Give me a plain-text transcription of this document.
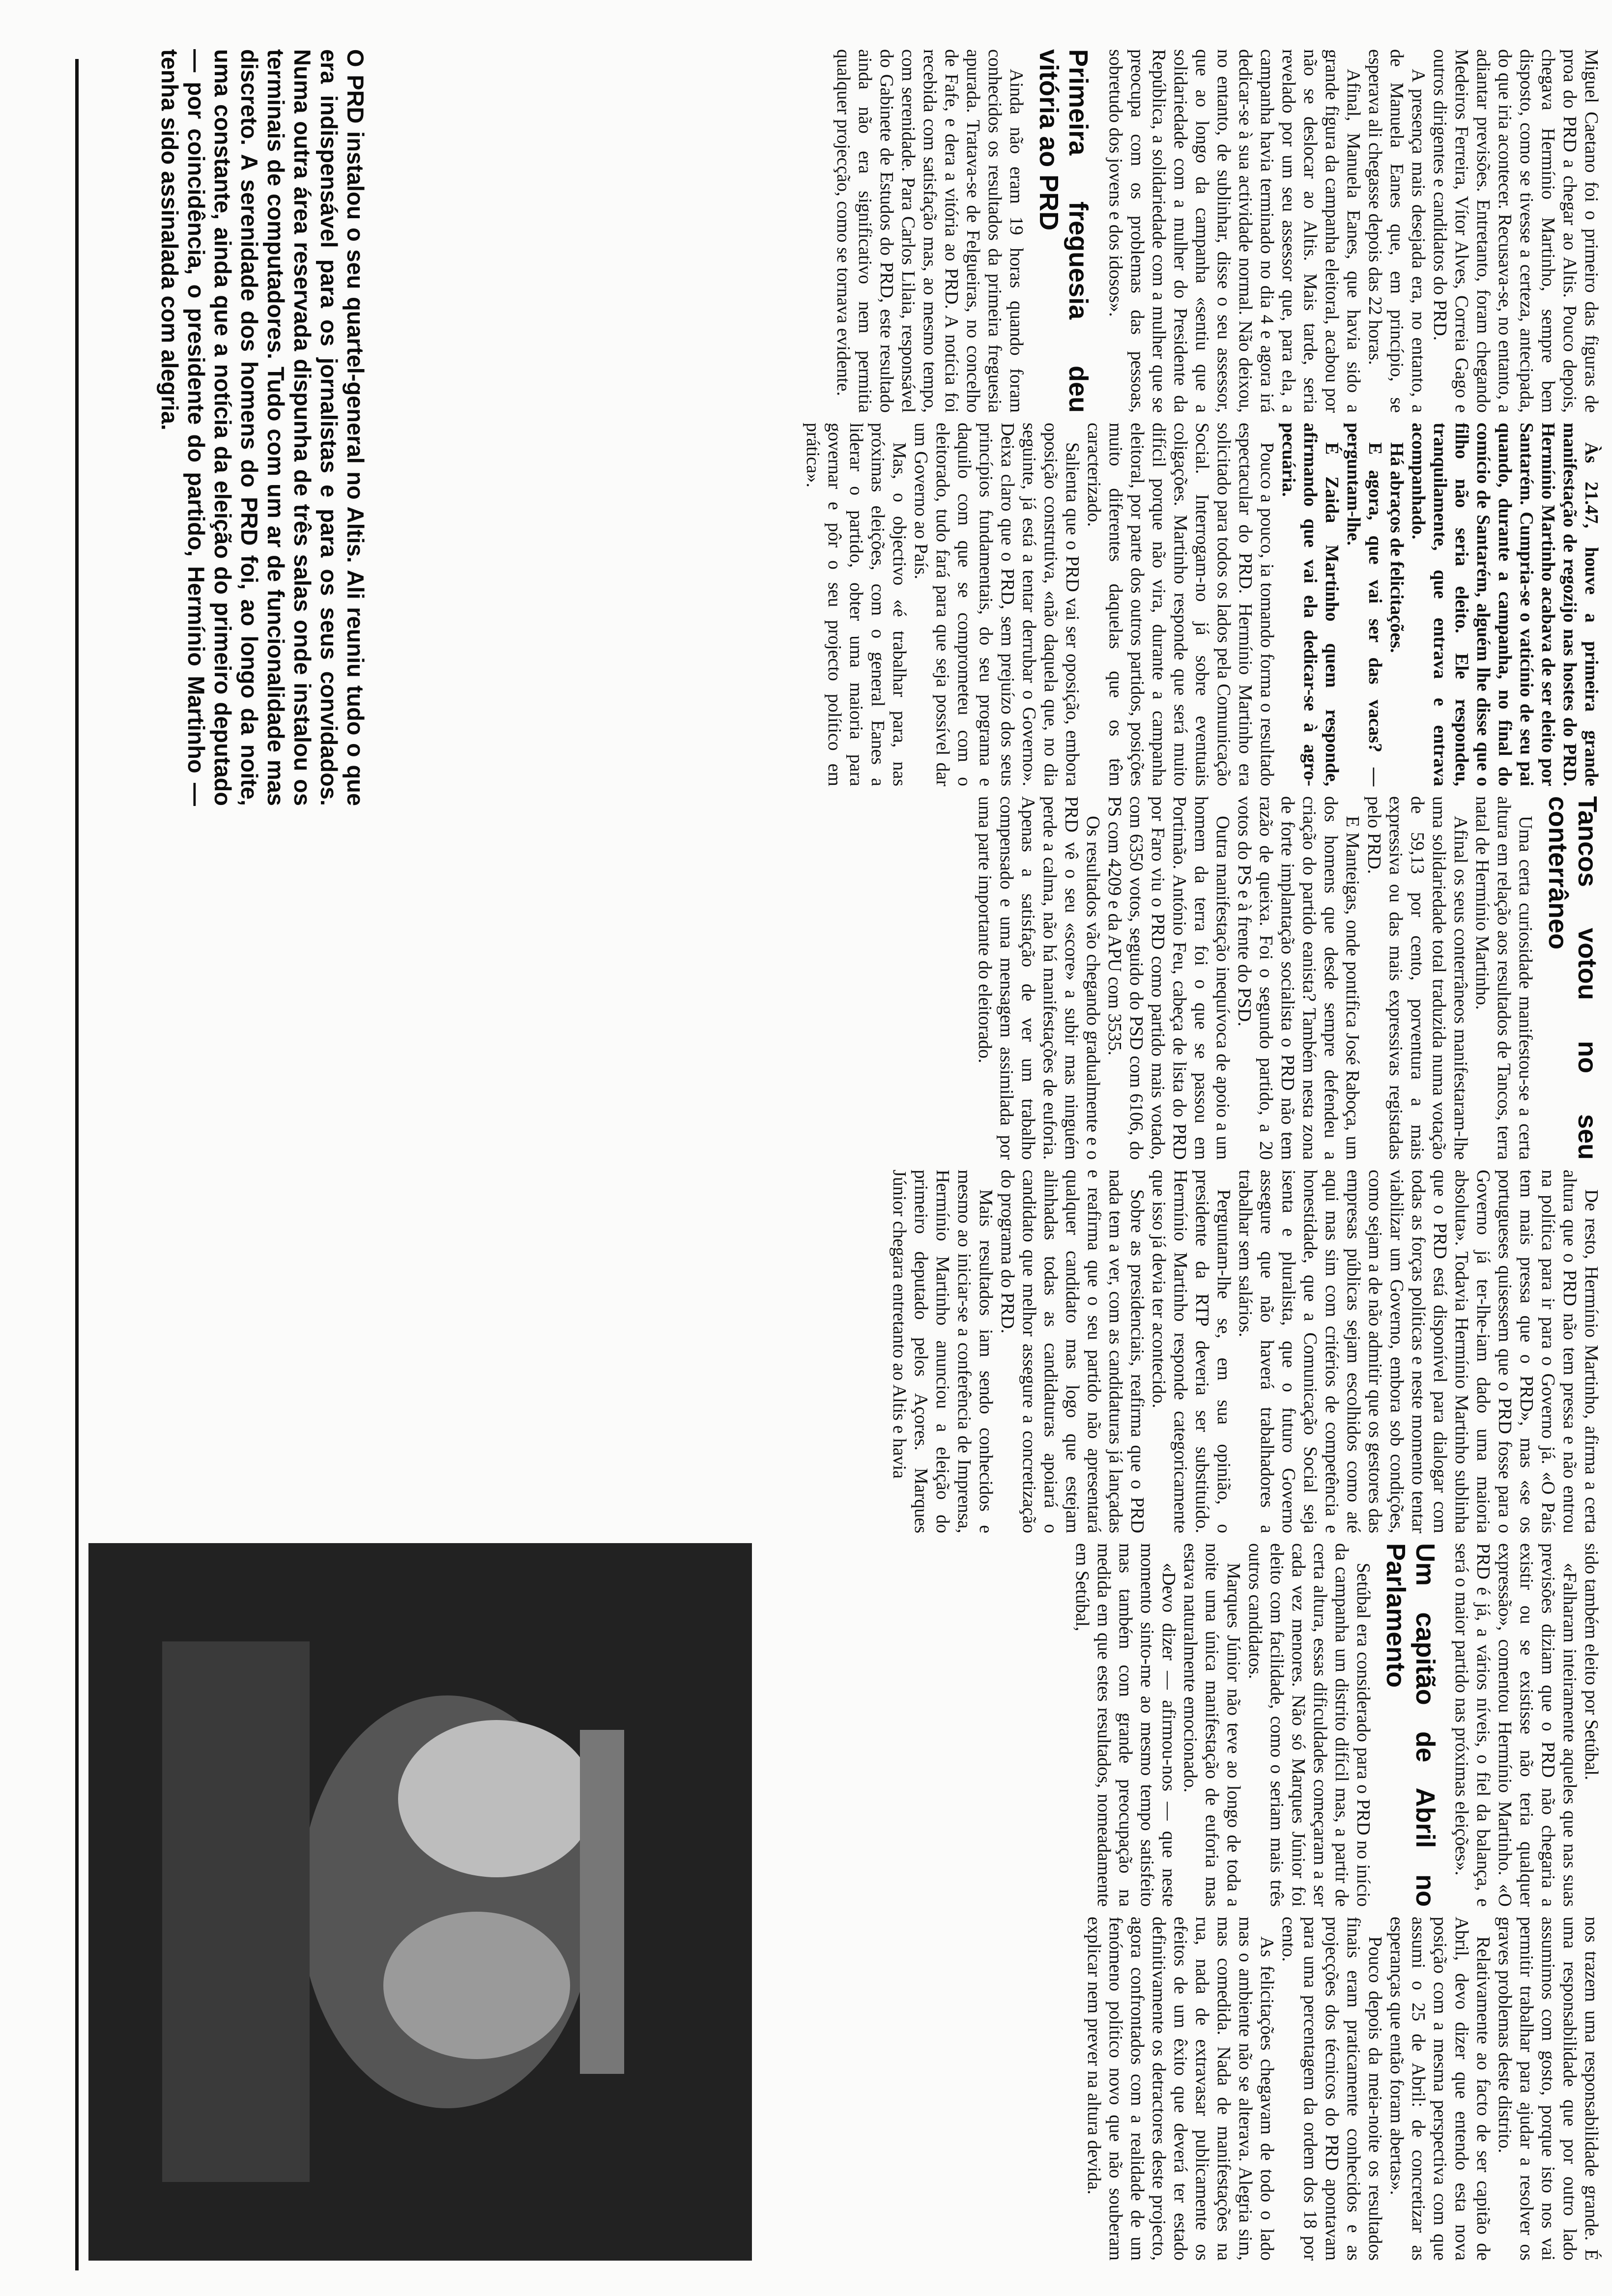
O PRD instalou o seu quartel-general no Altis. Ali reuniu tudo o que era indispensável para os jornalistas e para os seus convidados. Numa outra área reservada dispunha de três salas onde instalou os terminais de computadores. Tudo com um ar de funcionalidade mas discreto. A serenidade dos homens do PRD foi, ao longo da noite, uma constante, ainda que a notícia da eleição do primeiro deputado — por coincidência, o presidente do partido, Hermínio Martinho — tenha sido assinalada com alegria.	Miguel Caetano foi o primeiro das figuras de proa do PRD a chegar ao Altis. Pouco depois, chegava Hermínio Martinho, sempre bem disposto, como se tivesse a certeza, antecipada, do que iria acontecer. Recusava-se, no entanto, a adiantar previsões. Entretanto, foram chegando Medeiros Ferreira, Vítor Alves, Correia Gago e outros dirigentes e candidatos do PRD.

A presença mais desejada era, no entanto, a de Manuela Eanes que, em princípio, se esperava ali chegasse depois das 22 horas.

Afinal, Manuela Eanes, que havia sido a grande figura da campanha eleitoral, acabou por não se deslocar ao Altis. Mais tarde, seria revelado por um seu assessor que, para ela, a campanha havia terminado no dia 4 e agora irá dedicar-se à sua actividade normal. Não deixou, no entanto, de sublinhar, disse o seu assessor, que ao longo da campanha «sentiu que a solidariedade com a mulher do Presidente da República, a solidariedade com a mulher que se preocupa com os problemas das pessoas, sobretudo dos jovens e dos idosos».

Primeira freguesia deu vitória ao PRD

Ainda não eram 19 horas quando foram conhecidos os resultados da primeira freguesia apurada. Tratava-se de Felgueiras, no concelho de Fafe, e dera a vitória ao PRD. A notícia foi recebida com satisfação mas, ao mesmo tempo, com serenidade. Para Carlos Lilaia, responsável do Gabinete de Estudos do PRD, este resultado ainda não era significativo nem permitia qualquer projecção, como se tornava evidente.

Às 21.47, houve a primeira grande manifestação de regozijo nas hostes do PRD. Hermínio Martinho acabava de ser eleito por Santarém. Cumpria-se o vaticínio de seu pai quando, durante a campanha, no final do comício de Santarém, alguém lhe disse que o filho não seria eleito. Ele respondeu, tranquilamente, que entrava e entrava acompanhado.

Há abraços de felicitações.

E agora, que vai ser das vacas? — perguntam-lhe.

É Zaida Martinho quem responde, afirmando que vai ela dedicar-se à agro-pecuária.

Pouco a pouco, ia tomando forma o resultado espectacular do PRD. Hermínio Martinho era solicitado para todos os lados pela Comunicação Social. Interrogam-no já sobre eventuais coligações. Martinho responde que será muito difícil porque não vira, durante a campanha eleitoral, por parte dos outros partidos, posições muito diferentes daquelas que os têm caracterizado.

Salienta que o PRD vai ser oposição, embora oposição construtiva, «não daquela que, no dia seguinte, já está a tentar derrubar o Governo». Deixa claro que o PRD, sem prejuízo dos seus princípios fundamentais, do seu programa e daquilo com que se comprometeu com o eleitorado, tudo fará para que seja possível dar um Governo ao País.

Mas, o objectivo «é trabalhar para, nas próximas eleições, com o general Eanes a liderar o partido, obter uma maioria para governar e pôr o seu projecto político em prática».

Tancos votou no seu conterrâneo

Uma certa curiosidade manifestou-se a certa altura em relação aos resultados de Tancos, terra natal de Hermínio Martinho.

Afinal os seus conterrâneos manifestaram-lhe uma solidariedade total traduzida numa votação de 59,13 por cento, porventura a mais expressiva ou das mais expressivas registadas pelo PRD.

E Manteigas, onde pontifica José Raboça, um dos homens que desde sempre defendeu a criação do partido eanista? Também nesta zona de forte implantação socialista o PRD não tem razão de queixa. Foi o segundo partido, a 20 votos do PS e à frente do PSD.

Outra manifestação inequívoca de apoio a um homem da terra foi o que se passou em Portimão. António Feu, cabeça de lista do PRD por Faro viu o PRD como partido mais votado, com 6350 votos, seguido do PSD com 6106, do PS com 4209 e da APU com 3535.

Os resultados vão chegando gradualmente e o PRD vê o seu «score» a subir mas ninguém perde a calma, não há manifestações de euforia. Apenas a satisfação de ver um trabalho compensado e uma mensagem assimilada por uma parte importante do eleitorado.

De resto, Hermínio Martinho, afirma a certa altura que o PRD não tem pressa e não entrou na política para ir para o Governo já. «O País tem mais pressa que o PRD», mas «se os portugueses quisessem que o PRD fosse para o Governo já ter-lhe-iam dado uma maioria absoluta». Todavia Hermínio Martinho sublinha que o PRD está disponível para dialogar com todas as forças políticas e neste momento tentar viabilizar um Governo, embora sob condições, como sejam a de não admitir que os gestores das empresas públicas sejam escolhidos como até aqui mas sim com critérios de competência e honestidade, que a Comunicação Social seja isenta e pluralista, que o futuro Governo assegure que não haverá trabalhadores a trabalhar sem salários.

Perguntam-lhe se, em sua opinião, o presidente da RTP deveria ser substituído. Hermínio Martinho responde categoricamente que isso já devia ter acontecido.

Sobre as presidenciais, reafirma que o PRD nada tem a ver, com as candidaturas já lançadas e reafirma que o seu partido não apresentará qualquer candidato mas logo que estejam alinhadas todas as candidaturas apoiará o candidato que melhor assegure a concretização do programa do PRD.

Mais resultados iam sendo conhecidos e mesmo ao iniciar-se a conferência de Imprensa, Hermínio Martinho anunciou a eleição do primeiro deputado pelos Açores. Marques Júnior chegara entretanto ao Altis e havia

sido também eleito por Setúbal.

«Falharam inteiramente aqueles que nas suas previsões diziam que o PRD não chegaria a existir ou se existisse não teria qualquer expressão», comentou Hermínio Martinho. «O PRD é já, a vários níveis, o fiel da balança, e será o maior partido nas próximas eleições».

Um capitão de Abril no Parlamento

Setúbal era considerado para o PRD no início da campanha um distrito difícil mas, a partir de certa altura, essas dificuldades começaram a ser cada vez menores. Não só Marques Júnior foi eleito com facilidade, como o seriam mais três outros candidatos.

Marques Júnior não teve ao longo de toda a noite uma única manifestação de euforia mas estava naturalmente emocionado.

«Devo dizer — afirmou-nos — que neste momento sinto-me ao mesmo tempo satisfeito mas também com grande preocupação na medida em que estes resultados, nomeadamente em Setúbal,

nos trazem uma responsabilidade grande. É uma responsabilidade que por outro lado assumimos com gosto, porque isto nos vai permitir trabalhar para ajudar a resolver os graves problemas deste distrito.

Relativamente ao facto de ser capitão de Abril, devo dizer que entendo esta nova posição com a mesma perspectiva com que assumi o 25 de Abril: de concretizar as esperanças que então foram abertas».

Pouco depois da meia-noite os resultados finais eram praticamente conhecidos e as projecções dos técnicos do PRD apontavam para uma percentagem da ordem dos 18 por cento.

As felicitações chegavam de todo o lado mas o ambiente não se alterava. Alegria sim, mas comedida. Nada de manifestações na rua, nada de extravasar publicamente os efeitos de um êxito que deverá ter estado definitivamente os detractores deste projecto, agora confrontados com a realidade de um fenómeno político novo que não souberam explicar nem prever na altura devida.
